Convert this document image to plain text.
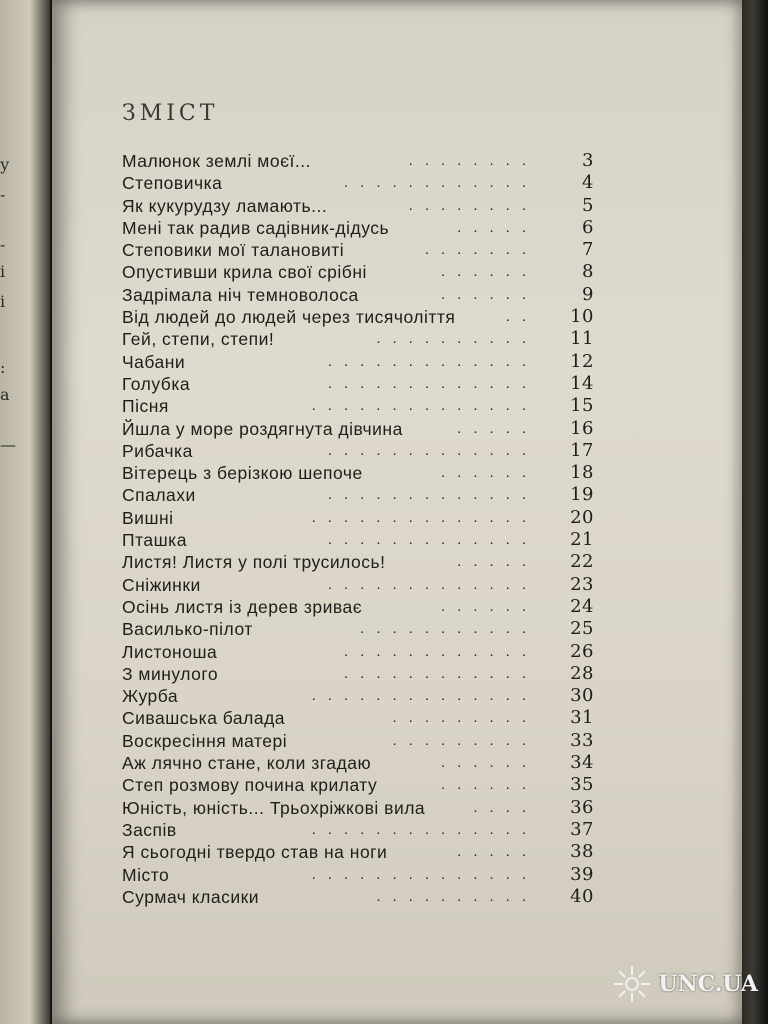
у
-
-
і
і
:
а
—
ЗМІСТ
Малюнок землі моєї...	3
........
Степовичка	4
............
Як кукурудзу ламають...	5
........
Мені так радив садівник-дідусь	6
.....
Степовики мої талановиті	7
.......
Опустивши крила свої срібні	8
......
Задрімала ніч темноволоса	9
......
Від людей до людей через тисячоліття	10
..
Гей, степи, степи!	11
..........
Чабани	12
.............
Голубка	14
.............
Пісня	15
..............
Йшла у море роздягнута дівчина	16
.....
Рибачка	17
.............
Вітерець з берізкою шепоче	18
......
Спалахи	19
.............
Вишні	20
..............
Пташка	21
.............
Листя! Листя у полі трусилось!	22
.....
Сніжинки	23
.............
Осінь листя із дерев зриває	24
......
Василько-пілот	25
...........
Листоноша	26
............
З минулого	28
............
Журба	30
..............
Сивашська балада	31
.........
Воскресіння матері	33
.........
Аж лячно стане, коли згадаю	34
......
Степ розмову почина крилату	35
......
Юність, юність... Трьохріжкові вила	36
....
Заспів	37
..............
Я сьогодні твердо став на ноги	38
.....
Місто	39
..............
Сурмач класики	40
..........
UNC.UA
